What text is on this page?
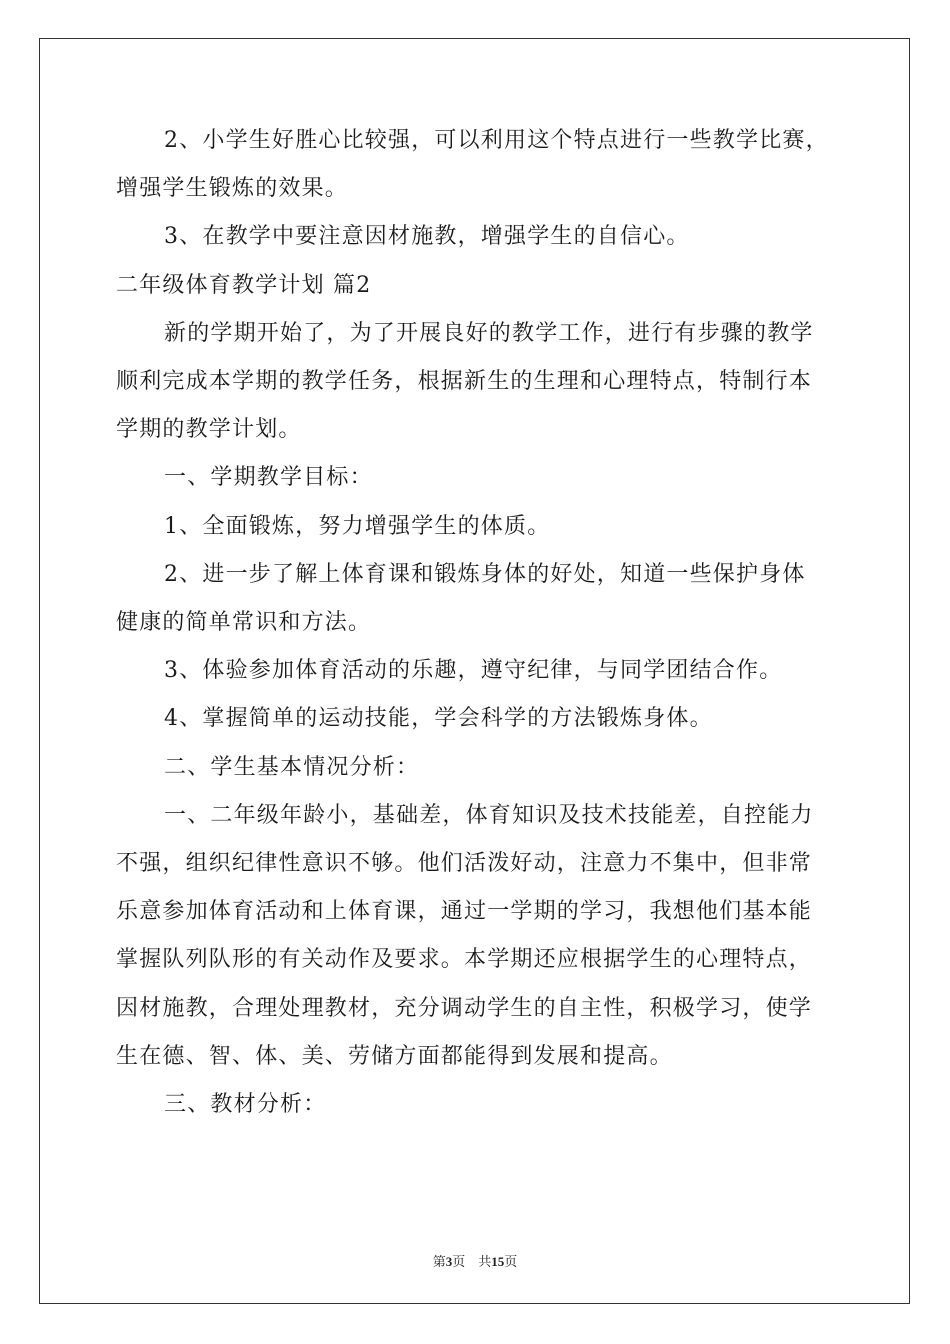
2、小学生好胜心比较强，可以利用这个特点进行一些教学比赛，
增强学生锻炼的效果。
3、在教学中要注意因材施教，增强学生的自信心。
二年级体育教学计划 篇2
新的学期开始了，为了开展良好的教学工作，进行有步骤的教学
顺利完成本学期的教学任务，根据新生的生理和心理特点，特制行本
学期的教学计划。
一、学期教学目标：
1、全面锻炼，努力增强学生的体质。
2、进一步了解上体育课和锻炼身体的好处，知道一些保护身体
健康的简单常识和方法。
3、体验参加体育活动的乐趣，遵守纪律，与同学团结合作。
4、掌握简单的运动技能，学会科学的方法锻炼身体。
二、学生基本情况分析：
一、二年级年龄小，基础差，体育知识及技术技能差，自控能力
不强，组织纪律性意识不够。他们活泼好动，注意力不集中，但非常
乐意参加体育活动和上体育课，通过一学期的学习，我想他们基本能
掌握队列队形的有关动作及要求。本学期还应根据学生的心理特点，
因材施教，合理处理教材，充分调动学生的自主性，积极学习，使学
生在德、智、体、美、劳储方面都能得到发展和提高。
三、教材分析：
第3页　共15页
